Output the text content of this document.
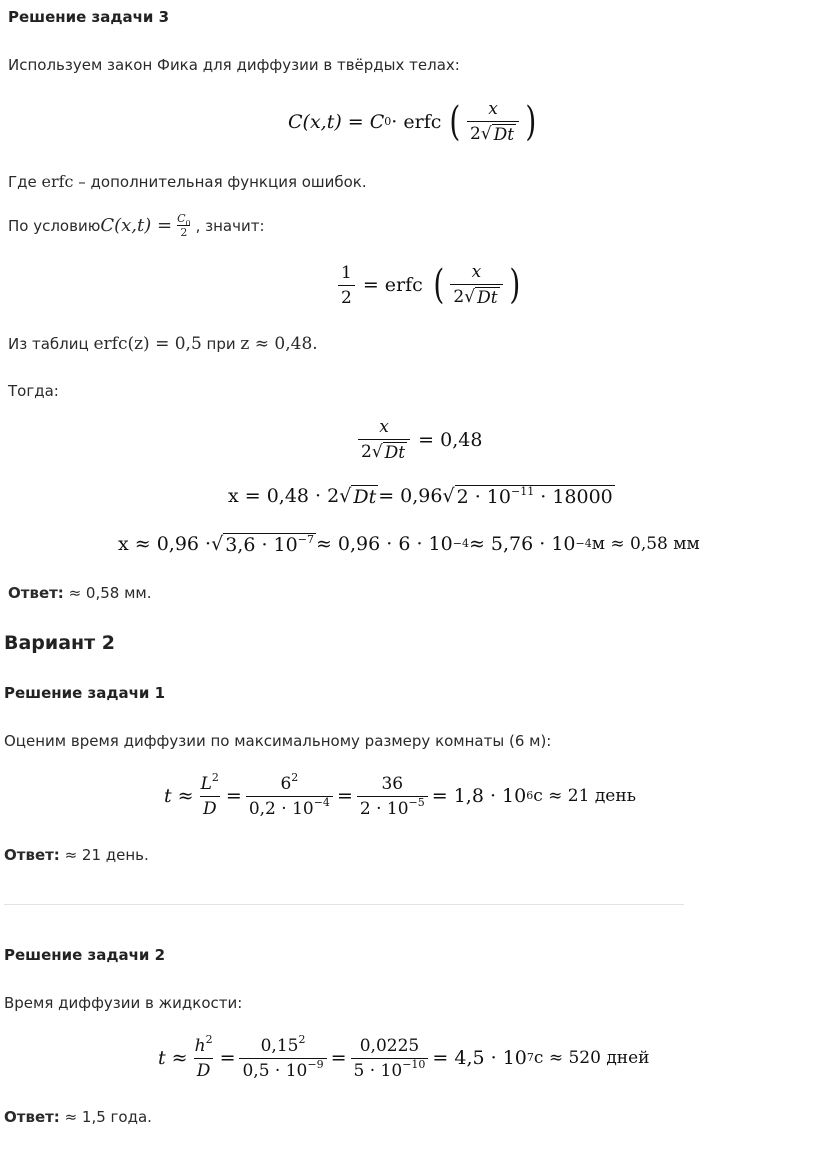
Решение задачи 3
Используем закон Фика для диффузии в твёрдых телах:
C(x,t) = C 0 · erfc ( $\frac{x}{2 √ Dt}$ )
Где erfc – дополнительная функция ошибок.
По условию $C(x,t) = \frac{C_0}{2}$ , значит:
$\frac{1}{2}$ = erfc ( $\frac{x}{2 √ Dt}$ )
Из таблиц erfc(z) = 0,5 при z ≈ 0,48.
Тогда:
$\frac{x}{2 √ Dt} = 0,48$
x = 0,48 · 2 √ Dt = 0,96 √ $2 \cdot 10^{-11} \cdot 18000$
x ≈ 0,96 · √ $3,6 \cdot 10^{-7} \approx 0,96 \cdot 6 \cdot 10 -4 \approx 5,76 \cdot 10 -4$ м ≈ 0,58 мм
Ответ: ≈ 0,58 мм.
Вариант 2
Решение задачи 1
Оценим время диффузии по максимальному размеру комнаты (6 м):
$t \approx \frac{L^2}{D} = \frac{6^2}{0,2 \cdot 10^{-4}} = \frac{36}{2 \cdot 10^{-5}} = 1,8 \cdot 10$ 6 с ≈ 21 день
Ответ: ≈ 21 день.
Решение задачи 2
Время диффузии в жидкости:
$t \approx \frac{h^2}{D} = \frac{0,15^2}{0,5 \cdot 10^{-9}} = \frac{0,0225}{5 \cdot 10^{-10}} = 4,5 \cdot 10$ 7 с ≈ 520 дней
Ответ: ≈ 1,5 года.
